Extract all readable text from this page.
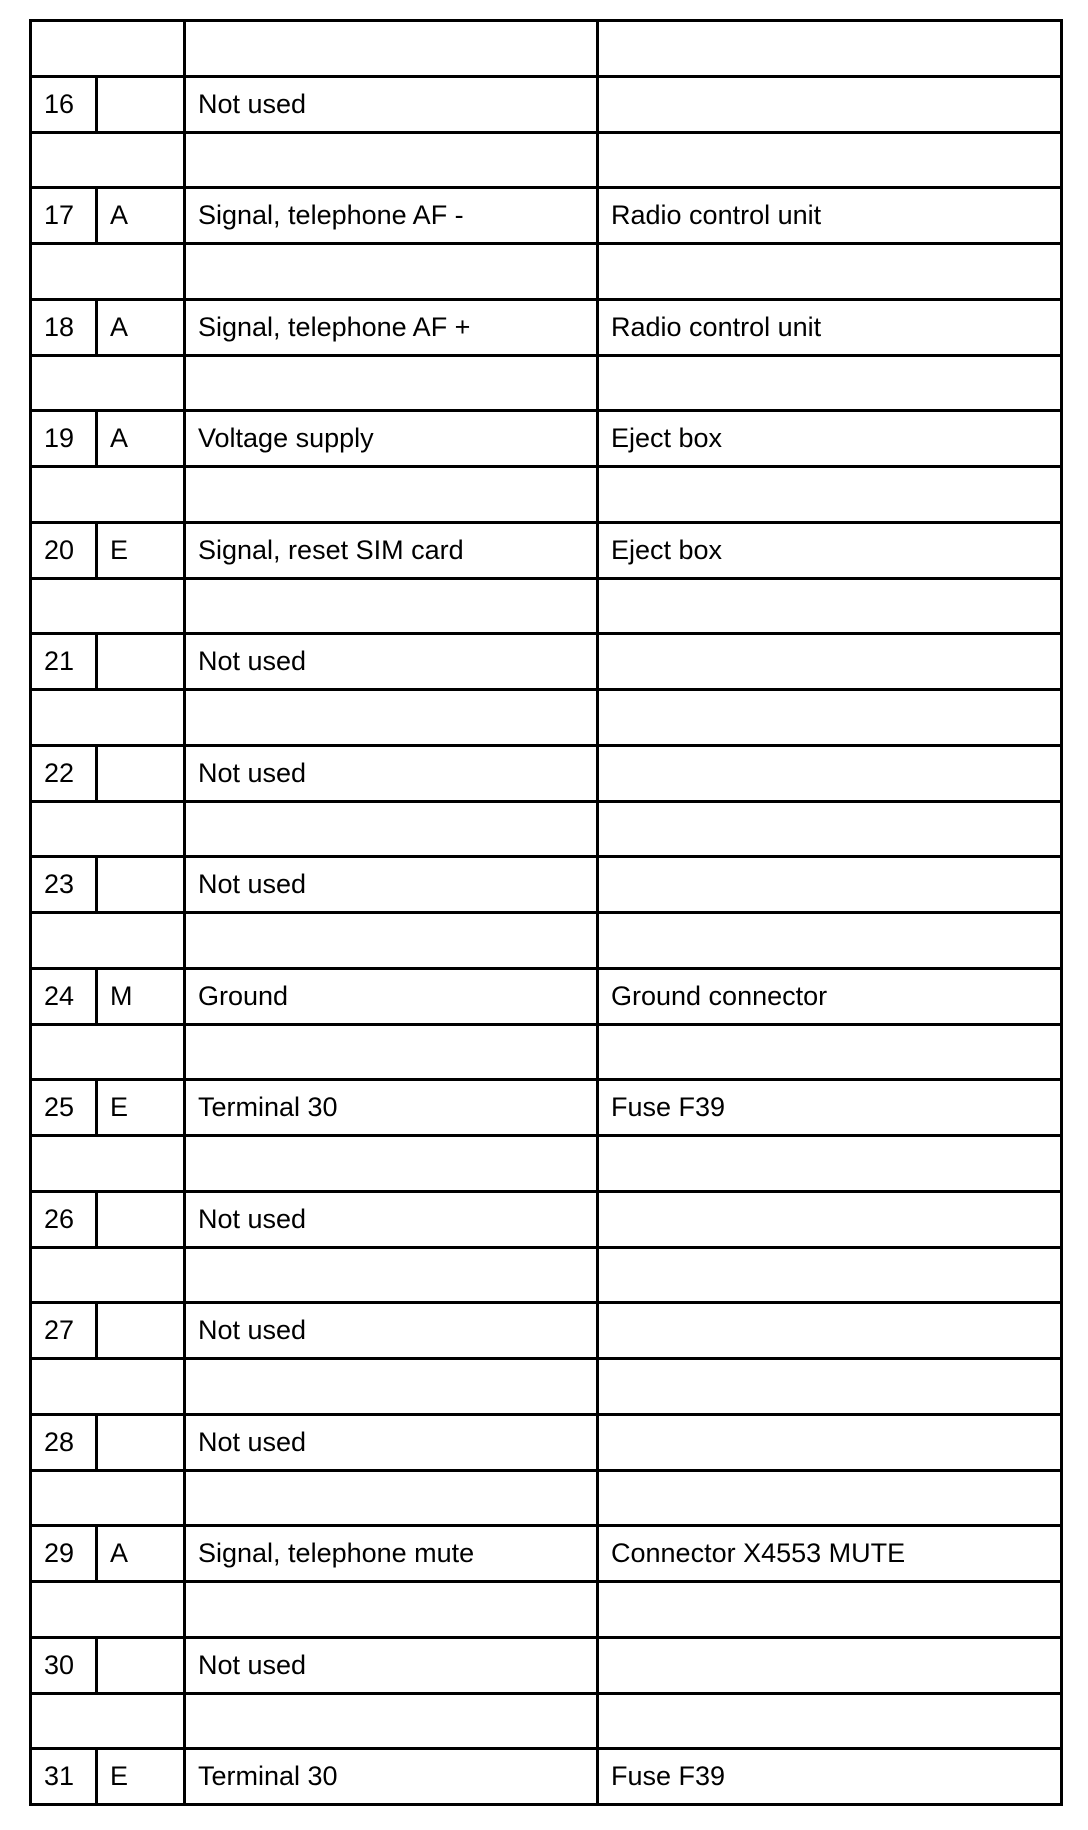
16		Not used	

17	A	Signal, telephone AF -	Radio control unit

18	A	Signal, telephone AF +	Radio control unit

19	A	Voltage supply	Eject box

20	E	Signal, reset SIM card	Eject box

21		Not used	

22		Not used	

23		Not used	

24	M	Ground	Ground connector

25	E	Terminal 30	Fuse F39

26		Not used	

27		Not used	

28		Not used	

29	A	Signal, telephone mute	Connector X4553 MUTE

30		Not used	

31	E	Terminal 30	Fuse F39
